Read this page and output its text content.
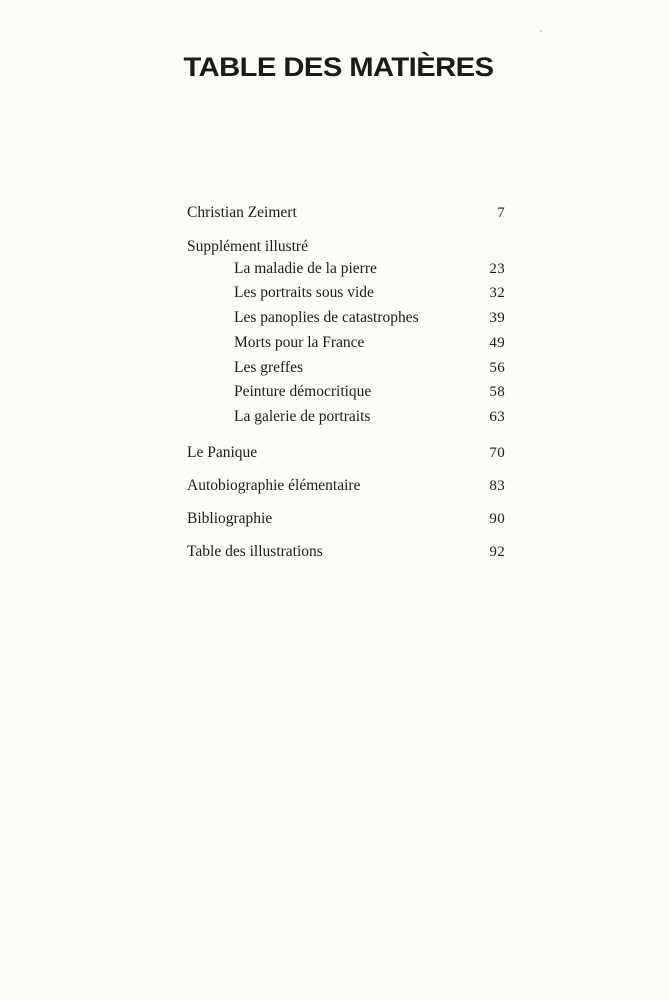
TABLE DES MATIÈRES
Christian Zeimert	7
Supplément illustré
La maladie de la pierre	23
Les portraits sous vide	32
Les panoplies de catastrophes	39
Morts pour la France	49
Les greffes	56
Peinture démocritique	58
La galerie de portraits	63
Le Panique	70
Autobiographie élémentaire	83
Bibliographie	90
Table des illustrations	92
